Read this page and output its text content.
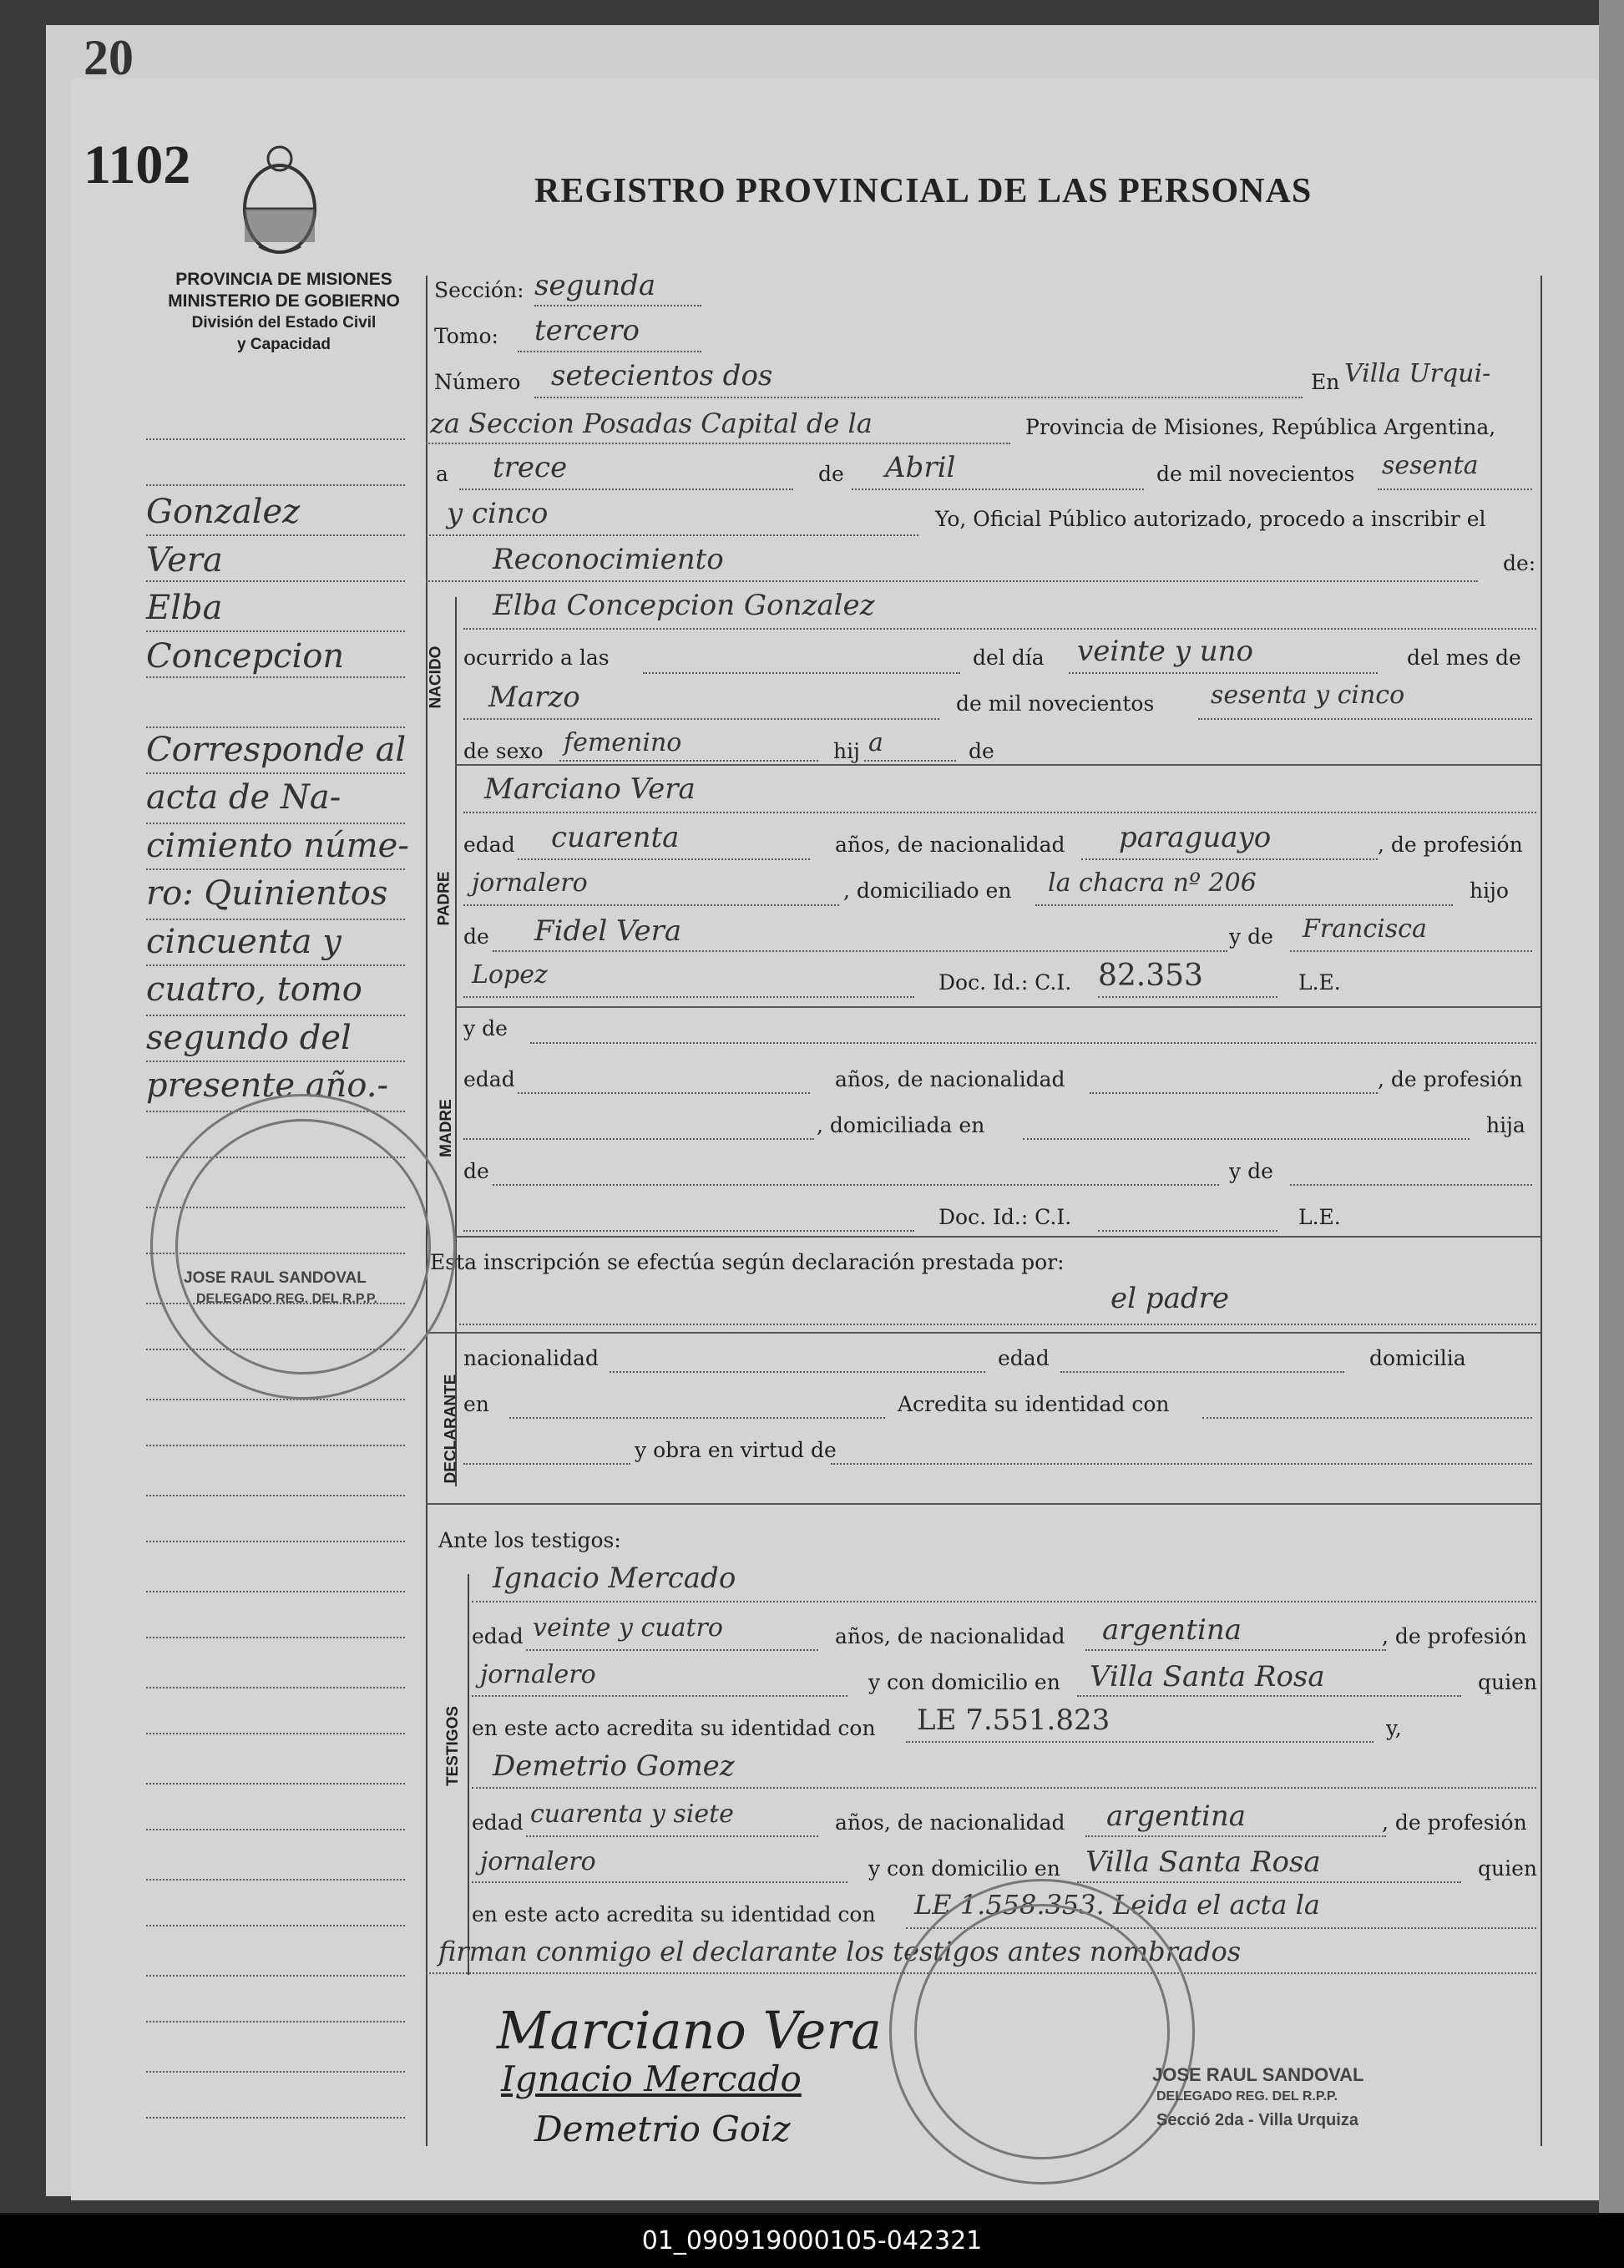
20
1102	REGISTRO PROVINCIAL DE LAS PERSONAS
PROVINCIA DE MISIONES
MINISTERIO DE GOBIERNO
División del Estado Civil
y Capacidad
Gonzalez
Vera
Elba
Concepcion
Corresponde al
acta de Na-
cimiento núme-
ro: Quinientos
cincuenta y
cuatro, tomo
segundo del
presente año.-
Sección: segunda
Tomo: tercero
Número setecientos dos	En Villa Urqui-
za Seccion Posadas Capital de la	Provincia de Misiones, República Argentina,
a trece	de Abril	de mil novecientos sesenta
y cinco	Yo, Oficial Público autorizado, procedo a inscribir el
Reconocimiento	de:
NACIDO
Elba Concepcion Gonzalez
ocurrido a las	del día veinte y uno	del mes de
Marzo	de mil novecientos sesenta y cinco
de sexo femenino	hij a	de
PADRE
Marciano Vera
edad cuarenta	años, de nacionalidad paraguayo	, de profesión
jornalero	, domiciliado en la chacra nº 206	hijo
de Fidel Vera	y de Francisca
Lopez	Doc. Id.: C.I. 82.353	L.E.
MADRE
y de
edad	años, de nacionalidad	, de profesión
, domiciliada en	hija
de	y de
Doc. Id.: C.I.	L.E.
Esta inscripción se efectúa según declaración prestada por:
el padre
DECLARANTE
nacionalidad	edad	domicilia
en	Acredita su identidad con
y obra en virtud de
Ante los testigos:
TESTIGOS
Ignacio Mercado
edad veinte y cuatro	años, de nacionalidad argentina	, de profesión
jornalero	y con domicilio en Villa Santa Rosa	quien
en este acto acredita su identidad con LE 7.551.823	y,
Demetrio Gomez
edad cuarenta y siete	años, de nacionalidad argentina	, de profesión
jornalero	y con domicilio en Villa Santa Rosa	quien
en este acto acredita su identidad con LE 1.558.353. Leida el acta la
firman conmigo el declarante los testigos antes nombrados
JOSE RAUL SANDOVAL
DELEGADO REG. DEL R.P.P.
JOSE RAUL SANDOVAL
DELEGADO REG. DEL R.P.P.
Secció 2da - Villa Urquiza
Marciano Vera
Ignacio Mercado
Demetrio Goiz
01_090919000105-042321
